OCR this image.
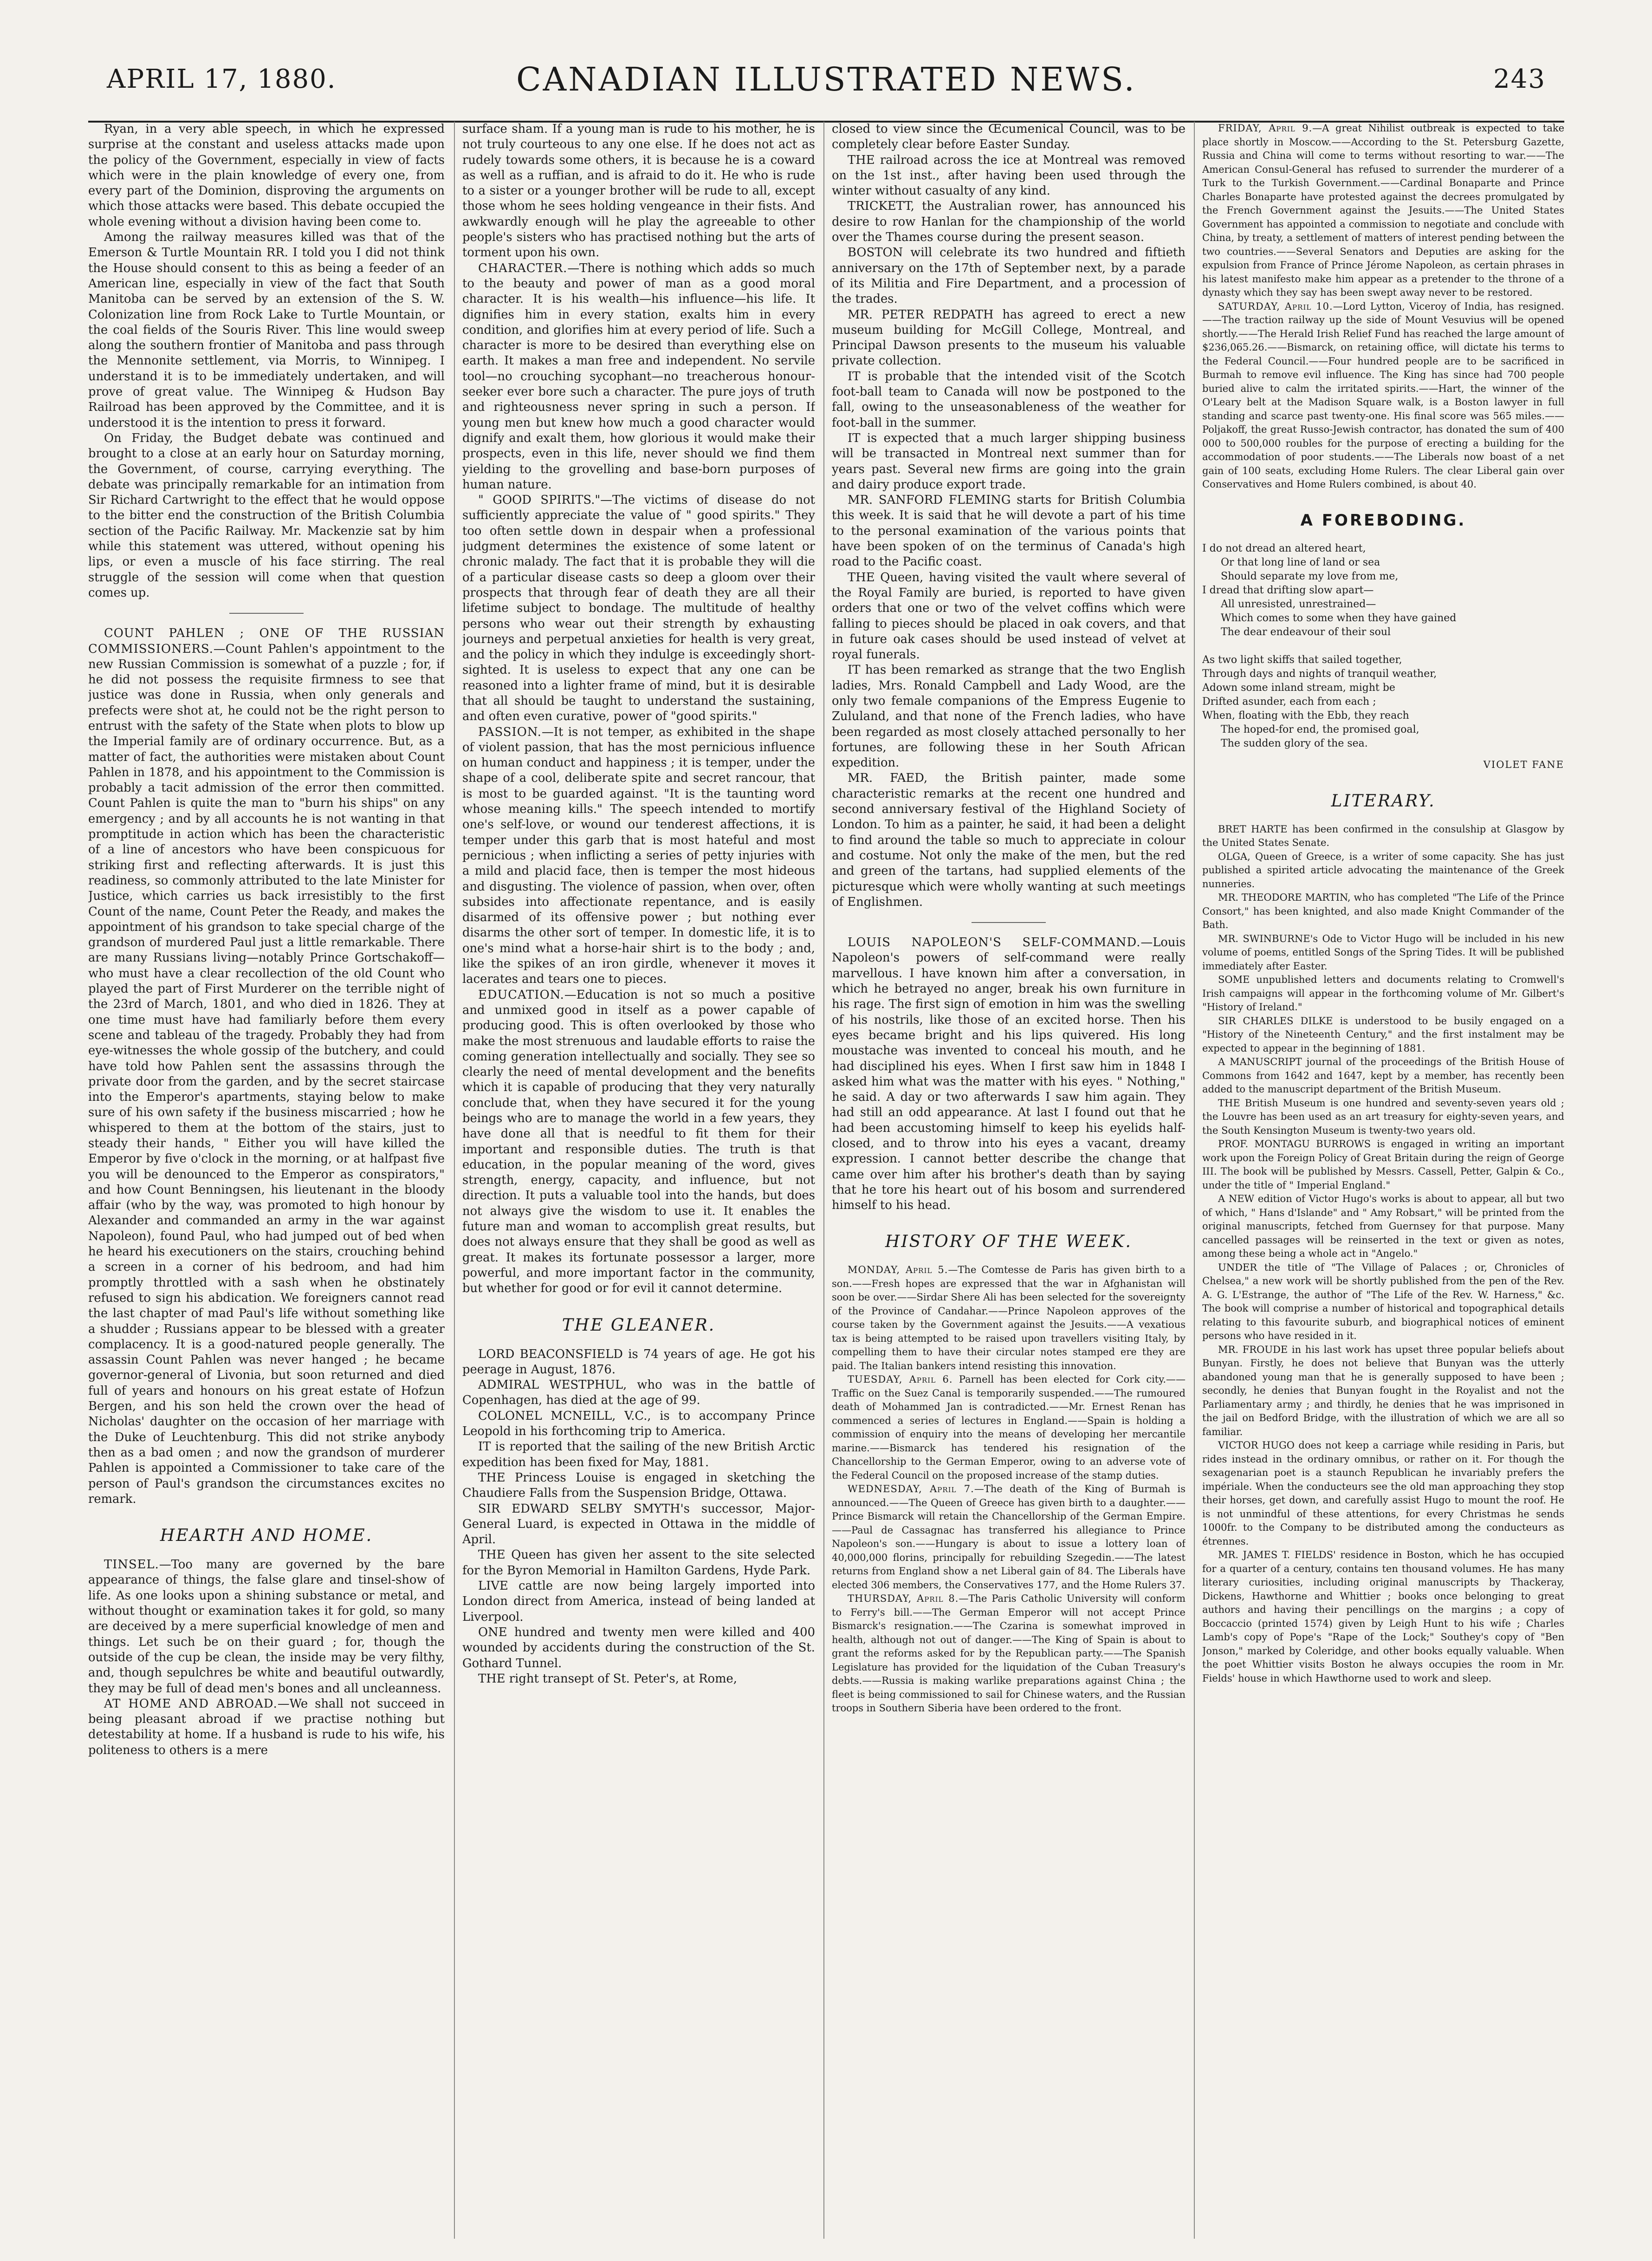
CANADIAN ILLUSTRATED NEWS.
APRIL 17, 1880.	243

Ryan, in a very able speech, in which he expressed surprise at the constant and useless attacks made upon the policy of the Government, especially in view of facts which were in the plain knowledge of every one, from every part of the Dominion, disproving the arguments on which those attacks were based. This debate occupied the whole evening without a division having been come to.

Among the railway measures killed was that of the Emerson & Turtle Mountain RR. I told you I did not think the House should consent to this as being a feeder of an American line, especially in view of the fact that South Manitoba can be served by an extension of the S. W. Colonization line from Rock Lake to Turtle Mountain, or the coal fields of the Souris River. This line would sweep along the southern frontier of Manitoba and pass through the Mennonite settlement, via Morris, to Winnipeg. I understand it is to be immediately undertaken, and will prove of great value. The Winnipeg & Hudson Bay Railroad has been approved by the Committee, and it is understood it is the intention to press it forward.

On Friday, the Budget debate was continued and brought to a close at an early hour on Saturday morning, the Government, of course, carrying everything. The debate was principally remarkable for an intimation from Sir Richard Cartwright to the effect that he would oppose to the bitter end the construction of the British Columbia section of the Pacific Railway. Mr. Mackenzie sat by him while this statement was uttered, without opening his lips, or even a muscle of his face stirring. The real struggle of the session will come when that question comes up.

COUNT PAHLEN ; ONE OF THE RUSSIAN COMMISSIONERS.—Count Pahlen's appointment to the new Russian Commission is somewhat of a puzzle ; for, if he did not possess the requisite firmness to see that justice was done in Russia, when only generals and prefects were shot at, he could not be the right person to entrust with the safety of the State when plots to blow up the Imperial family are of ordinary occurrence. But, as a matter of fact, the authorities were mistaken about Count Pahlen in 1878, and his appointment to the Commission is probably a tacit admission of the error then committed. Count Pahlen is quite the man to "burn his ships" on any emergency ; and by all accounts he is not wanting in that promptitude in action which has been the characteristic of a line of ancestors who have been conspicuous for striking first and reflecting afterwards. It is just this readiness, so commonly attributed to the late Minister for Justice, which carries us back irresistibly to the first Count of the name, Count Peter the Ready, and makes the appointment of his grandson to take special charge of the grandson of murdered Paul just a little remarkable. There are many Russians living—notably Prince Gortschakoff—who must have a clear recollection of the old Count who played the part of First Murderer on the terrible night of the 23rd of March, 1801, and who died in 1826. They at one time must have had familiarly before them every scene and tableau of the tragedy. Probably they had from eye-witnesses the whole gossip of the butchery, and could have told how Pahlen sent the assassins through the private door from the garden, and by the secret staircase into the Emperor's apartments, staying below to make sure of his own safety if the business miscarried ; how he whispered to them at the bottom of the stairs, just to steady their hands, " Either you will have killed the Emperor by five o'clock in the morning, or at halfpast five you will be denounced to the Emperor as conspirators," and how Count Benningsen, his lieutenant in the bloody affair (who by the way, was promoted to high honour by Alexander and commanded an army in the war against Napoleon), found Paul, who had jumped out of bed when he heard his executioners on the stairs, crouching behind a screen in a corner of his bedroom, and had him promptly throttled with a sash when he obstinately refused to sign his abdication. We foreigners cannot read the last chapter of mad Paul's life without something like a shudder ; Russians appear to be blessed with a greater complacency. It is a good-natured people generally. The assassin Count Pahlen was never hanged ; he became governor-general of Livonia, but soon returned and died full of years and honours on his great estate of Hofzun Bergen, and his son held the crown over the head of Nicholas' daughter on the occasion of her marriage with the Duke of Leuchtenburg. This did not strike anybody then as a bad omen ; and now the grandson of murderer Pahlen is appointed a Commissioner to take care of the person of Paul's grandson the circumstances excites no remark.

HEARTH AND HOME.

TINSEL.—Too many are governed by the bare appearance of things, the false glare and tinsel-show of life. As one looks upon a shining substance or metal, and without thought or examination takes it for gold, so many are deceived by a mere superficial knowledge of men and things. Let such be on their guard ; for, though the outside of the cup be clean, the inside may be very filthy, and, though sepulchres be white and beautiful outwardly, they may be full of dead men's bones and all uncleanness.

AT HOME AND ABROAD.—We shall not succeed in being pleasant abroad if we practise nothing but detestability at home. If a husband is rude to his wife, his politeness to others is a mere

surface sham. If a young man is rude to his mother, he is not truly courteous to any one else. If he does not act as rudely towards some others, it is because he is a coward as well as a ruffian, and is afraid to do it. He who is rude to a sister or a younger brother will be rude to all, except those whom he sees holding vengeance in their fists. And awkwardly enough will he play the agreeable to other people's sisters who has practised nothing but the arts of torment upon his own.

CHARACTER.—There is nothing which adds so much to the beauty and power of man as a good moral character. It is his wealth—his influence—his life. It dignifies him in every station, exalts him in every condition, and glorifies him at every period of life. Such a character is more to be desired than everything else on earth. It makes a man free and independent. No servile tool—no crouching sycophant—no treacherous honour-seeker ever bore such a character. The pure joys of truth and righteousness never spring in such a person. If young men but knew how much a good character would dignify and exalt them, how glorious it would make their prospects, even in this life, never should we find them yielding to the grovelling and base-born purposes of human nature.

" GOOD SPIRITS."—The victims of disease do not sufficiently appreciate the value of " good spirits." They too often settle down in despair when a professional judgment determines the existence of some latent or chronic malady. The fact that it is probable they will die of a particular disease casts so deep a gloom over their prospects that through fear of death they are all their lifetime subject to bondage. The multitude of healthy persons who wear out their strength by exhausting journeys and perpetual anxieties for health is very great, and the policy in which they indulge is exceedingly short-sighted. It is useless to expect that any one can be reasoned into a lighter frame of mind, but it is desirable that all should be taught to understand the sustaining, and often even curative, power of "good spirits."

PASSION.—It is not temper, as exhibited in the shape of violent passion, that has the most pernicious influence on human conduct and happiness ; it is temper, under the shape of a cool, deliberate spite and secret rancour, that is most to be guarded against. "It is the taunting word whose meaning kills." The speech intended to mortify one's self-love, or wound our tenderest affections, it is temper under this garb that is most hateful and most pernicious ; when inflicting a series of petty injuries with a mild and placid face, then is temper the most hideous and disgusting. The violence of passion, when over, often subsides into affectionate repentance, and is easily disarmed of its offensive power ; but nothing ever disarms the other sort of temper. In domestic life, it is to one's mind what a horse-hair shirt is to the body ; and, like the spikes of an iron girdle, whenever it moves it lacerates and tears one to pieces.

EDUCATION.—Education is not so much a positive and unmixed good in itself as a power capable of producing good. This is often overlooked by those who make the most strenuous and laudable efforts to raise the coming generation intellectually and socially. They see so clearly the need of mental development and the benefits which it is capable of producing that they very naturally conclude that, when they have secured it for the young beings who are to manage the world in a few years, they have done all that is needful to fit them for their important and responsible duties. The truth is that education, in the popular meaning of the word, gives strength, energy, capacity, and influence, but not direction. It puts a valuable tool into the hands, but does not always give the wisdom to use it. It enables the future man and woman to accomplish great results, but does not always ensure that they shall be good as well as great. It makes its fortunate possessor a larger, more powerful, and more important factor in the community, but whether for good or for evil it cannot determine.

THE GLEANER.

LORD BEACONSFIELD is 74 years of age. He got his peerage in August, 1876.

ADMIRAL WESTPHUL, who was in the battle of Copenhagen, has died at the age of 99.

COLONEL MCNEILL, V.C., is to accompany Prince Leopold in his forthcoming trip to America.

IT is reported that the sailing of the new British Arctic expedition has been fixed for May, 1881.

THE Princess Louise is engaged in sketching the Chaudiere Falls from the Suspension Bridge, Ottawa.

SIR EDWARD SELBY SMYTH's successor, Major-General Luard, is expected in Ottawa in the middle of April.

THE Queen has given her assent to the site selected for the Byron Memorial in Hamilton Gardens, Hyde Park.

LIVE cattle are now being largely imported into London direct from America, instead of being landed at Liverpool.

ONE hundred and twenty men were killed and 400 wounded by accidents during the construction of the St. Gothard Tunnel.

THE right transept of St. Peter's, at Rome,

closed to view since the Œcumenical Council, was to be completely clear before Easter Sunday.

THE railroad across the ice at Montreal was removed on the 1st inst., after having been used through the winter without casualty of any kind.

TRICKETT, the Australian rower, has announced his desire to row Hanlan for the championship of the world over the Thames course during the present season.

BOSTON will celebrate its two hundred and fiftieth anniversary on the 17th of September next, by a parade of its Militia and Fire Department, and a procession of the trades.

MR. PETER REDPATH has agreed to erect a new museum building for McGill College, Montreal, and Principal Dawson presents to the museum his valuable private collection.

IT is probable that the intended visit of the Scotch foot-ball team to Canada will now be postponed to the fall, owing to the unseasonableness of the weather for foot-ball in the summer.

IT is expected that a much larger shipping business will be transacted in Montreal next summer than for years past. Several new firms are going into the grain and dairy produce export trade.

MR. SANFORD FLEMING starts for British Columbia this week. It is said that he will devote a part of his time to the personal examination of the various points that have been spoken of on the terminus of Canada's high road to the Pacific coast.

THE Queen, having visited the vault where several of the Royal Family are buried, is reported to have given orders that one or two of the velvet coffins which were falling to pieces should be placed in oak covers, and that in future oak cases should be used instead of velvet at royal funerals.

IT has been remarked as strange that the two English ladies, Mrs. Ronald Campbell and Lady Wood, are the only two female companions of the Empress Eugenie to Zululand, and that none of the French ladies, who have been regarded as most closely attached personally to her fortunes, are following these in her South African expedition.

MR. FAED, the British painter, made some characteristic remarks at the recent one hundred and second anniversary festival of the Highland Society of London. To him as a painter, he said, it had been a delight to find around the table so much to appreciate in colour and costume. Not only the make of the men, but the red and green of the tartans, had supplied elements of the picturesque which were wholly wanting at such meetings of Englishmen.

LOUIS NAPOLEON'S SELF-COMMAND.—Louis Napoleon's powers of self-command were really marvellous. I have known him after a conversation, in which he betrayed no anger, break his own furniture in his rage. The first sign of emotion in him was the swelling of his nostrils, like those of an excited horse. Then his eyes became bright and his lips quivered. His long moustache was invented to conceal his mouth, and he had disciplined his eyes. When I first saw him in 1848 I asked him what was the matter with his eyes. " Nothing," he said. A day or two afterwards I saw him again. They had still an odd appearance. At last I found out that he had been accustoming himself to keep his eyelids half-closed, and to throw into his eyes a vacant, dreamy expression. I cannot better describe the change that came over him after his brother's death than by saying that he tore his heart out of his bosom and surrendered himself to his head.

HISTORY OF THE WEEK.

MONDAY, April 5.—The Comtesse de Paris has given birth to a son.——Fresh hopes are expressed that the war in Afghanistan will soon be over.——Sirdar Shere Ali has been selected for the sovereignty of the Province of Candahar.——Prince Napoleon approves of the course taken by the Government against the Jesuits.——A vexatious tax is being attempted to be raised upon travellers visiting Italy, by compelling them to have their circular notes stamped ere they are paid. The Italian bankers intend resisting this innovation.

TUESDAY, April 6. Parnell has been elected for Cork city.——Traffic on the Suez Canal is temporarily suspended.——The rumoured death of Mohammed Jan is contradicted.——Mr. Ernest Renan has commenced a series of lectures in England.——Spain is holding a commission of enquiry into the means of developing her mercantile marine.——Bismarck has tendered his resignation of the Chancellorship to the German Emperor, owing to an adverse vote of the Federal Council on the proposed increase of the stamp duties.

WEDNESDAY, April 7.—The death of the King of Burmah is announced.——The Queen of Greece has given birth to a daughter.——Prince Bismarck will retain the Chancellorship of the German Empire.——Paul de Cassagnac has transferred his allegiance to Prince Napoleon's son.——Hungary is about to issue a lottery loan of 40,000,000 florins, principally for rebuilding Szegedin.——The latest returns from England show a net Liberal gain of 84. The Liberals have elected 306 members, the Conservatives 177, and the Home Rulers 37.

THURSDAY, April 8.—The Paris Catholic University will conform to Ferry's bill.——The German Emperor will not accept Prince Bismarck's resignation.——The Czarina is somewhat improved in health, although not out of danger.——The King of Spain is about to grant the reforms asked for by the Republican party.——The Spanish Legislature has provided for the liquidation of the Cuban Treasury's debts.——Russia is making warlike preparations against China ; the fleet is being commissioned to sail for Chinese waters, and the Russian troops in Southern Siberia have been ordered to the front.

FRIDAY, April 9.—A great Nihilist outbreak is expected to take place shortly in Moscow.——According to the St. Petersburg Gazette, Russia and China will come to terms without resorting to war.——The American Consul-General has refused to surrender the murderer of a Turk to the Turkish Government.——Cardinal Bonaparte and Prince Charles Bonaparte have protested against the decrees promulgated by the French Government against the Jesuits.——The United States Government has appointed a commission to negotiate and conclude with China, by treaty, a settlement of matters of interest pending between the two countries.——Several Senators and Deputies are asking for the expulsion from France of Prince Jérome Napoleon, as certain phrases in his latest manifesto make him appear as a pretender to the throne of a dynasty which they say has been swept away never to be restored.

SATURDAY, April 10.—Lord Lytton, Viceroy of India, has resigned.——The traction railway up the side of Mount Vesuvius will be opened shortly.——The Herald Irish Relief Fund has reached the large amount of $236,065.26.——Bismarck, on retaining office, will dictate his terms to the Federal Council.——Four hundred people are to be sacrificed in Burmah to remove evil influence. The King has since had 700 people buried alive to calm the irritated spirits.——Hart, the winner of the O'Leary belt at the Madison Square walk, is a Boston lawyer in full standing and scarce past twenty-one. His final score was 565 miles.——Poljakoff, the great Russo-Jewish contractor, has donated the sum of 400 000 to 500,000 roubles for the purpose of erecting a building for the accommodation of poor students.——The Liberals now boast of a net gain of 100 seats, excluding Home Rulers. The clear Liberal gain over Conservatives and Home Rulers combined, is about 40.

A FOREBODING.
I do not dread an altered heart,
Or that long line of land or sea
Should separate my love from me,
I dread that drifting slow apart—
All unresisted, unrestrained—
Which comes to some when they have gained
The dear endeavour of their soul

As two light skiffs that sailed together,
Through days and nights of tranquil weather,
Adown some inland stream, might be
Drifted asunder, each from each ;
When, floating with the Ebb, they reach
The hoped-for end, the promised goal,
The sudden glory of the sea.
VIOLET FANE
LITERARY.

BRET HARTE has been confirmed in the consulship at Glasgow by the United States Senate.

OLGA, Queen of Greece, is a writer of some capacity. She has just published a spirited article advocating the maintenance of the Greek nunneries.

MR. THEODORE MARTIN, who has completed "The Life of the Prince Consort," has been knighted, and also made Knight Commander of the Bath.

MR. SWINBURNE's Ode to Victor Hugo will be included in his new volume of poems, entitled Songs of the Spring Tides. It will be published immediately after Easter.

SOME unpublished letters and documents relating to Cromwell's Irish campaigns will appear in the forthcoming volume of Mr. Gilbert's "History of Ireland."

SIR CHARLES DILKE is understood to be busily engaged on a "History of the Nineteenth Century," and the first instalment may be expected to appear in the beginning of 1881.

A MANUSCRIPT journal of the proceedings of the British House of Commons from 1642 and 1647, kept by a member, has recently been added to the manuscript department of the British Museum.

THE British Museum is one hundred and seventy-seven years old ; the Louvre has been used as an art treasury for eighty-seven years, and the South Kensington Museum is twenty-two years old.

PROF. MONTAGU BURROWS is engaged in writing an important work upon the Foreign Policy of Great Britain during the reign of George III. The book will be published by Messrs. Cassell, Petter, Galpin & Co., under the title of " Imperial England."

A NEW edition of Victor Hugo's works is about to appear, all but two of which, " Hans d'Islande" and " Amy Robsart," will be printed from the original manuscripts, fetched from Guernsey for that purpose. Many cancelled passages will be reinserted in the text or given as notes, among these being a whole act in "Angelo."

UNDER the title of "The Village of Palaces ; or, Chronicles of Chelsea," a new work will be shortly published from the pen of the Rev. A. G. L'Estrange, the author of "The Life of the Rev. W. Harness," &c. The book will comprise a number of historical and topographical details relating to this favourite suburb, and biographical notices of eminent persons who have resided in it.

MR. FROUDE in his last work has upset three popular beliefs about Bunyan. Firstly, he does not believe that Bunyan was the utterly abandoned young man that he is generally supposed to have been ; secondly, he denies that Bunyan fought in the Royalist and not the Parliamentary army ; and thirdly, he denies that he was imprisoned in the jail on Bedford Bridge, with the illustration of which we are all so familiar.

VICTOR HUGO does not keep a carriage while residing in Paris, but rides instead in the ordinary omnibus, or rather on it. For though the sexagenarian poet is a staunch Republican he invariably prefers the impériale. When the conducteurs see the old man approaching they stop their horses, get down, and carefully assist Hugo to mount the roof. He is not unmindful of these attentions, for every Christmas he sends 1000fr. to the Company to be distributed among the conducteurs as étrennes.

MR. JAMES T. FIELDS' residence in Boston, which he has occupied for a quarter of a century, contains ten thousand volumes. He has many literary curiosities, including original manuscripts by Thackeray, Dickens, Hawthorne and Whittier ; books once belonging to great authors and having their pencillings on the margins ; a copy of Boccaccio (printed 1574) given by Leigh Hunt to his wife ; Charles Lamb's copy of Pope's "Rape of the Lock;" Southey's copy of "Ben Jonson," marked by Coleridge, and other books equally valuable. When the poet Whittier visits Boston he always occupies the room in Mr. Fields' house in which Hawthorne used to work and sleep.
